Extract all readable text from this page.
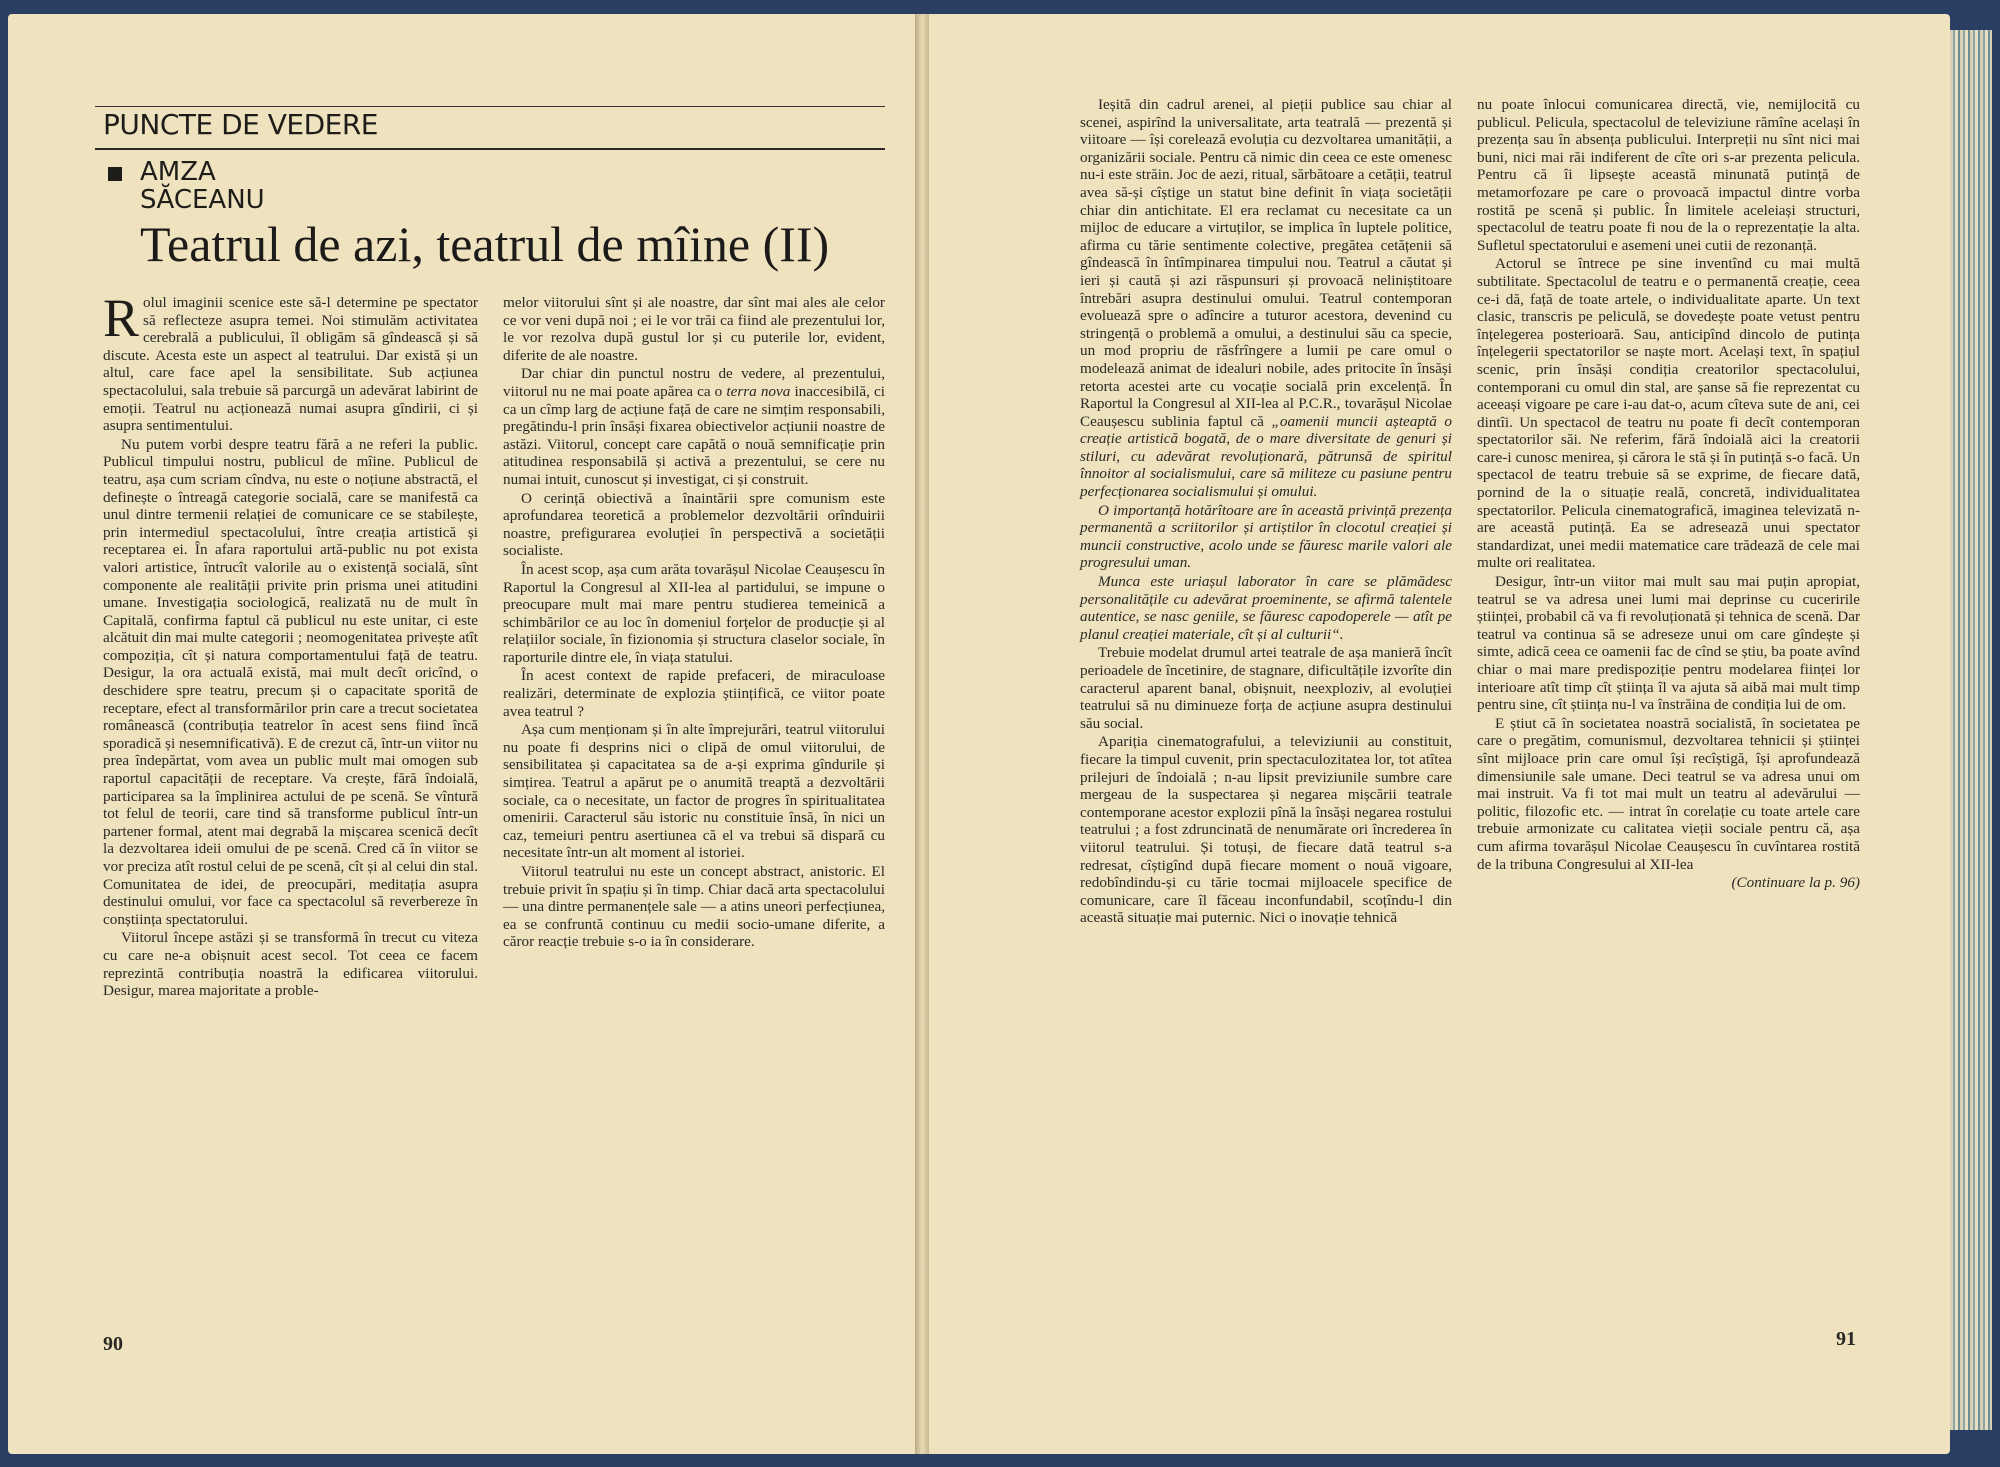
PUNCTE DE VEDERE
AMZA
SĂCEANU
Teatrul de azi, teatrul de mîine (II)

Rolul imaginii scenice este să-l determine pe spectator să reflecteze asupra temei. Noi stimulăm activitatea cerebrală a publicului, îl obligăm să gîndească și să discute. Acesta este un aspect al teatrului. Dar există și un altul, care face apel la sensibilitate. Sub acțiunea spectacolului, sala trebuie să parcurgă un adevărat labirint de emoții. Teatrul nu acționează numai asupra gîndirii, ci și asupra sentimentului.

Nu putem vorbi despre teatru fără a ne referi la public. Publicul timpului nostru, publicul de mîine. Publicul de teatru, așa cum scriam cîndva, nu este o noțiune abstractă, el definește o întreagă categorie socială, care se manifestă ca unul dintre termenii relației de comunicare ce se stabilește, prin intermediul spectacolului, între creația artistică și receptarea ei. În afara raportului artă-public nu pot exista valori artistice, întrucît valorile au o existență socială, sînt componente ale realității privite prin prisma unei atitudini umane. Investigația sociologică, realizată nu de mult în Capitală, confirma faptul că publicul nu este unitar, ci este alcătuit din mai multe categorii ; neomogenitatea privește atît compoziția, cît și natura comportamentului față de teatru. Desigur, la ora actuală există, mai mult decît oricînd, o deschidere spre teatru, precum și o capacitate sporită de receptare, efect al transformărilor prin care a trecut societatea românească (contribuția teatrelor în acest sens fiind încă sporadică și nesemnificativă). E de crezut că, într-un viitor nu prea îndepărtat, vom avea un public mult mai omogen sub raportul capacității de receptare. Va crește, fără îndoială, participarea sa la împlinirea actului de pe scenă. Se vîntură tot felul de teorii, care tind să transforme publicul într-un partener formal, atent mai degrabă la mișcarea scenică decît la dezvoltarea ideii omului de pe scenă. Cred că în viitor se vor preciza atît rostul celui de pe scenă, cît și al celui din stal. Comunitatea de idei, de preocupări, meditația asupra destinului omului, vor face ca spectacolul să reverbereze în conștiința spectatorului.

Viitorul începe astăzi și se transformă în trecut cu viteza cu care ne-a obișnuit acest secol. Tot ceea ce facem reprezintă contribuția noastră la edificarea viitorului. Desigur, marea majoritate a proble-

melor viitorului sînt și ale noastre, dar sînt mai ales ale celor ce vor veni după noi ; ei le vor trăi ca fiind ale prezentului lor, le vor rezolva după gustul lor și cu puterile lor, evident, diferite de ale noastre.

Dar chiar din punctul nostru de vedere, al prezentului, viitorul nu ne mai poate apărea ca o terra nova inaccesibilă, ci ca un cîmp larg de acțiune față de care ne simțim responsabili, pregătindu-l prin însăși fixarea obiectivelor acțiunii noastre de astăzi. Viitorul, concept care capătă o nouă semnificație prin atitudinea responsabilă și activă a prezentului, se cere nu numai intuit, cunoscut și investigat, ci și construit.

O cerință obiectivă a înaintării spre comunism este aprofundarea teoretică a problemelor dezvoltării orînduirii noastre, prefigurarea evoluției în perspectivă a societății socialiste.

În acest scop, așa cum arăta tovarășul Nicolae Ceaușescu în Raportul la Congresul al XII-lea al partidului, se impune o preocupare mult mai mare pentru studierea temeinică a schimbărilor ce au loc în domeniul forțelor de producție și al relațiilor sociale, în fizionomia și structura claselor sociale, în raporturile dintre ele, în viața statului.

În acest context de rapide prefaceri, de miraculoase realizări, determinate de explozia științifică, ce viitor poate avea teatrul ?

Așa cum menționam și în alte împrejurări, teatrul viitorului nu poate fi desprins nici o clipă de omul viitorului, de sensibilitatea și capacitatea sa de a-și exprima gîndurile și simțirea. Teatrul a apărut pe o anumită treaptă a dezvoltării sociale, ca o necesitate, un factor de progres în spiritualitatea omenirii. Caracterul său istoric nu constituie însă, în nici un caz, temeiuri pentru asertiunea că el va trebui să dispară cu necesitate într-un alt moment al istoriei.

Viitorul teatrului nu este un concept abstract, anistoric. El trebuie privit în spațiu și în timp. Chiar dacă arta spectacolului — una dintre permanențele sale — a atins uneori perfecțiunea, ea se confruntă continuu cu medii socio-umane diferite, a căror reacție trebuie s-o ia în considerare.

90

Ieșită din cadrul arenei, al pieții publice sau chiar al scenei, aspirînd la universalitate, arta teatrală — prezentă și viitoare — își corelează evoluția cu dezvoltarea umanității, a organizării sociale. Pentru că nimic din ceea ce este omenesc nu-i este străin. Joc de aezi, ritual, sărbătoare a cetății, teatrul avea să-și cîștige un statut bine definit în viața societății chiar din antichitate. El era reclamat cu necesitate ca un mijloc de educare a virtuților, se implica în luptele politice, afirma cu tărie sentimente colective, pregătea cetățenii să gîndească în întîmpinarea timpului nou. Teatrul a căutat și ieri și caută și azi răspunsuri și provoacă neliniștitoare întrebări asupra destinului omului. Teatrul contemporan evoluează spre o adîncire a tuturor acestora, devenind cu stringență o problemă a omului, a destinului său ca specie, un mod propriu de răsfrîngere a lumii pe care omul o modelează animat de idealuri nobile, ades pritocite în însăși retorta acestei arte cu vocație socială prin excelență. În Raportul la Congresul al XII-lea al P.C.R., tovarășul Nicolae Ceaușescu sublinia faptul că „oamenii muncii așteaptă o creație artistică bogată, de o mare diversitate de genuri și stiluri, cu adevărat revoluționară, pătrunsă de spiritul înnoitor al socialismului, care să militeze cu pasiune pentru perfecționarea socialismului și omului.

O importanță hotărîtoare are în această privință prezența permanentă a scriitorilor și artiștilor în clocotul creației și muncii constructive, acolo unde se făuresc marile valori ale progresului uman.

Munca este uriașul laborator în care se plămădesc personalitățile cu adevărat proeminente, se afirmă talentele autentice, se nasc geniile, se făuresc capodoperele — atît pe planul creației materiale, cît și al culturii“.

Trebuie modelat drumul artei teatrale de așa manieră încît perioadele de încetinire, de stagnare, dificultățile izvorîte din caracterul aparent banal, obișnuit, neexploziv, al evoluției teatrului să nu diminueze forța de acțiune asupra destinului său social.

Apariția cinematografului, a televiziunii au constituit, fiecare la timpul cuvenit, prin spectaculozitatea lor, tot atîtea prilejuri de îndoială ; n-au lipsit previziunile sumbre care mergeau de la suspectarea și negarea mișcării teatrale contemporane acestor explozii pînă la însăși negarea rostului teatrului ; a fost zdruncinată de nenumărate ori încrederea în viitorul teatrului. Și totuși, de fiecare dată teatrul s-a redresat, cîștigînd după fiecare moment o nouă vigoare, redobîndindu-și cu tărie tocmai mijloacele specifice de comunicare, care îl făceau inconfundabil, scoțîndu-l din această situație mai puternic. Nici o inovație tehnică

nu poate înlocui comunicarea directă, vie, nemijlocită cu publicul. Pelicula, spectacolul de televiziune rămîne același în prezența sau în absența publicului. Interpreții nu sînt nici mai buni, nici mai răi indiferent de cîte ori s-ar prezenta pelicula. Pentru că îi lipsește această minunată putință de metamorfozare pe care o provoacă impactul dintre vorba rostită pe scenă și public. În limitele aceleiași structuri, spectacolul de teatru poate fi nou de la o reprezentație la alta. Sufletul spectatorului e asemeni unei cutii de rezonanță.

Actorul se întrece pe sine inventînd cu mai multă subtilitate. Spectacolul de teatru e o permanentă creație, ceea ce-i dă, față de toate artele, o individualitate aparte. Un text clasic, transcris pe peliculă, se dovedește poate vetust pentru înțelegerea posterioară. Sau, anticipînd dincolo de putința înțelegerii spectatorilor se naște mort. Același text, în spațiul scenic, prin însăși condiția creatorilor spectacolului, contemporani cu omul din stal, are șanse să fie reprezentat cu aceeași vigoare pe care i-au dat-o, acum cîteva sute de ani, cei dintîi. Un spectacol de teatru nu poate fi decît contemporan spectatorilor săi. Ne referim, fără îndoială aici la creatorii care-i cunosc menirea, și cărora le stă și în putință s-o facă. Un spectacol de teatru trebuie să se exprime, de fiecare dată, pornind de la o situație reală, concretă, individualitatea spectatorilor. Pelicula cinematografică, imaginea televizată n-are această putință. Ea se adresează unui spectator standardizat, unei medii matematice care trădează de cele mai multe ori realitatea.

Desigur, într-un viitor mai mult sau mai puțin apropiat, teatrul se va adresa unei lumi mai deprinse cu cuceririle științei, probabil că va fi revoluționată și tehnica de scenă. Dar teatrul va continua să se adreseze unui om care gîndește și simte, adică ceea ce oamenii fac de cînd se știu, ba poate avînd chiar o mai mare predispoziție pentru modelarea ființei lor interioare atît timp cît știința îl va ajuta să aibă mai mult timp pentru sine, cît știința nu-l va înstrăina de condiția lui de om.

E știut că în societatea noastră socialistă, în societatea pe care o pregătim, comunismul, dezvoltarea tehnicii și științei sînt mijloace prin care omul își recîștigă, își aprofundează dimensiunile sale umane. Deci teatrul se va adresa unui om mai instruit. Va fi tot mai mult un teatru al adevărului — politic, filozofic etc. — intrat în corelație cu toate artele care trebuie armonizate cu calitatea vieții sociale pentru că, așa cum afirma tovarășul Nicolae Ceaușescu în cuvîntarea rostită de la tribuna Congresului al XII-lea

(Continuare la p. 96)

91
